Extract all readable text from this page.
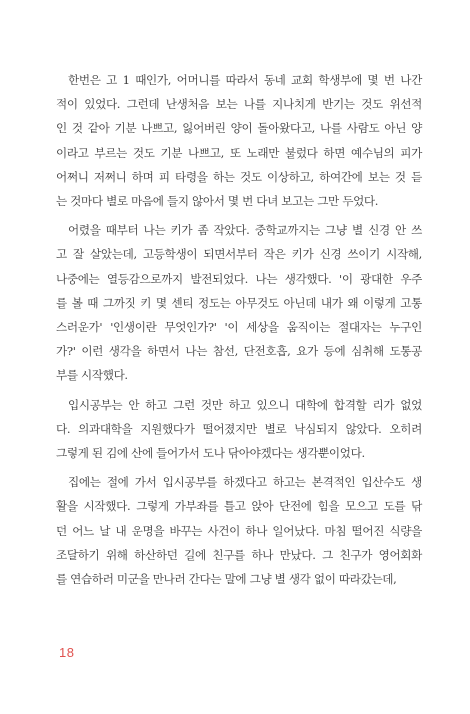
한번은 고 1 때인가, 어머니를 따라서 동네 교회 학생부에 몇 번 나간
적이 있었다. 그런데 난생처음 보는 나를 지나치게 반기는 것도 위선적
인 것 같아 기분 나쁘고, 잃어버린 양이 돌아왔다고, 나를 사람도 아닌 양
이라고 부르는 것도 기분 나쁘고, 또 노래만 불렀다 하면 예수님의 피가
어쩌니 저쩌니 하며 피 타령을 하는 것도 이상하고, 하여간에 보는 것 듣
는 것마다 별로 마음에 들지 않아서 몇 번 다녀 보고는 그만 두었다.
어렸을 때부터 나는 키가 좀 작았다. 중학교까지는 그냥 별 신경 안 쓰
고 잘 살았는데, 고등학생이 되면서부터 작은 키가 신경 쓰이기 시작해,
나중에는 열등감으로까지 발전되었다. 나는 생각했다. '이 광대한 우주
를 볼 때 그까짓 키 몇 센티 정도는 아무것도 아닌데 내가 왜 이렇게 고통
스러운가' '인생이란 무엇인가?' '이 세상을 움직이는 절대자는 누구인
가?' 이런 생각을 하면서 나는 참선, 단전호흡, 요가 등에 심취해 도통공
부를 시작했다.
입시공부는 안 하고 그런 것만 하고 있으니 대학에 합격할 리가 없었
다. 의과대학을 지원했다가 떨어졌지만 별로 낙심되지 않았다. 오히려
그렇게 된 김에 산에 들어가서 도나 닦아야겠다는 생각뿐이었다.
집에는 절에 가서 입시공부를 하겠다고 하고는 본격적인 입산수도 생
활을 시작했다. 그렇게 가부좌를 틀고 앉아 단전에 힘을 모으고 도를 닦
던 어느 날 내 운명을 바꾸는 사건이 하나 일어났다. 마침 떨어진 식량을
조달하기 위해 하산하던 길에 친구를 하나 만났다. 그 친구가 영어회화
를 연습하러 미군을 만나러 간다는 말에 그냥 별 생각 없이 따라갔는데,
18
